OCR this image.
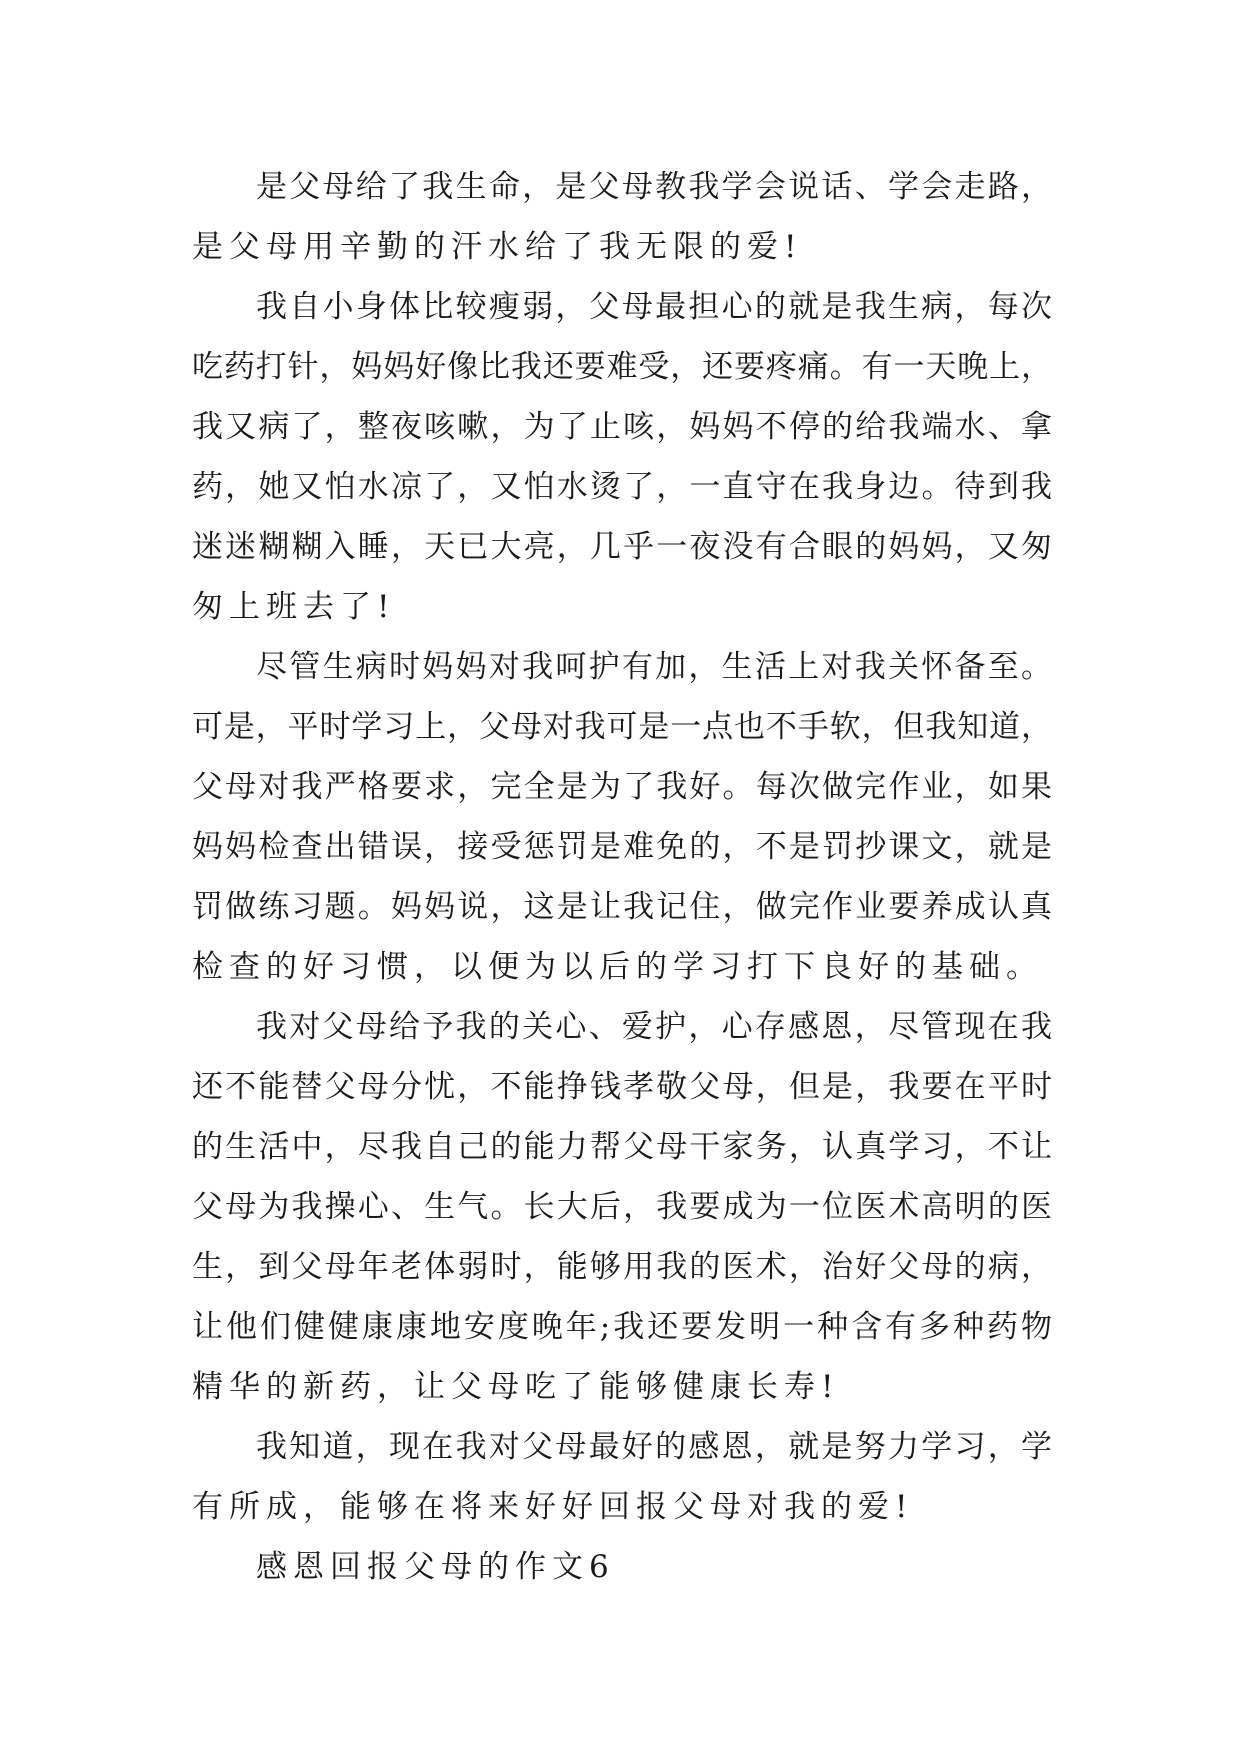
是父母给了我生命，是父母教我学会说话、学会走路，
是父母用辛勤的汗水给了我无限的爱!
我自小身体比较瘦弱，父母最担心的就是我生病，每次
吃药打针，妈妈好像比我还要难受，还要疼痛。有一天晚上，
我又病了，整夜咳嗽，为了止咳，妈妈不停的给我端水、拿
药，她又怕水凉了，又怕水烫了，一直守在我身边。待到我
迷迷糊糊入睡，天已大亮，几乎一夜没有合眼的妈妈，又匆
匆上班去了!
尽管生病时妈妈对我呵护有加，生活上对我关怀备至。
可是，平时学习上，父母对我可是一点也不手软，但我知道，
父母对我严格要求，完全是为了我好。每次做完作业，如果
妈妈检查出错误，接受惩罚是难免的，不是罚抄课文，就是
罚做练习题。妈妈说，这是让我记住，做完作业要养成认真
检查的好习惯，以便为以后的学习打下良好的基础。
我对父母给予我的关心、爱护，心存感恩，尽管现在我
还不能替父母分忧，不能挣钱孝敬父母，但是，我要在平时
的生活中，尽我自己的能力帮父母干家务，认真学习，不让
父母为我操心、生气。长大后，我要成为一位医术高明的医
生，到父母年老体弱时，能够用我的医术，治好父母的病，
让他们健健康康地安度晚年;我还要发明一种含有多种药物
精华的新药，让父母吃了能够健康长寿!
我知道，现在我对父母最好的感恩，就是努力学习，学
有所成，能够在将来好好回报父母对我的爱!
感恩回报父母的作文6
